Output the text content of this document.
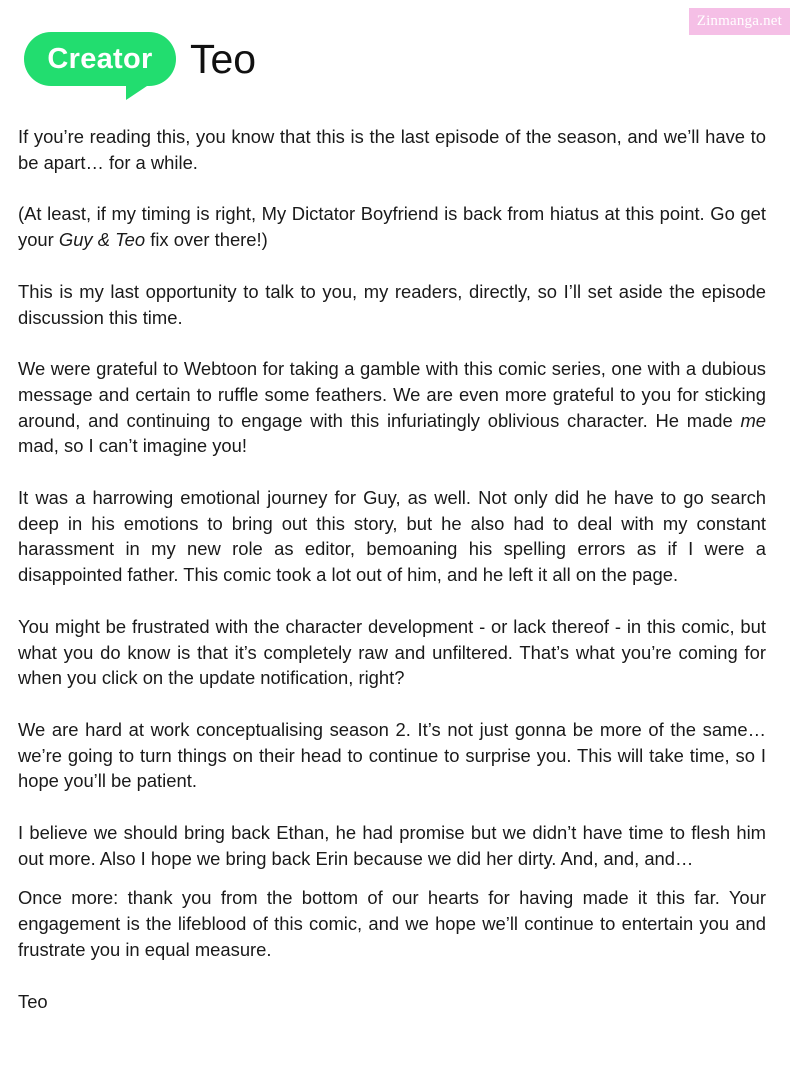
Zinmanga.net
Creator Teo

If you’re reading this, you know that this is the last episode of the season, and we’ll have to be apart… for a while.

(At least, if my timing is right, My Dictator Boyfriend is back from hiatus at this point. Go get your Guy & Teo fix over there!)

This is my last opportunity to talk to you, my readers, directly, so I’ll set aside the episode discussion this time.

We were grateful to Webtoon for taking a gamble with this comic series, one with a dubious message and certain to ruffle some feathers. We are even more grateful to you for sticking around, and continuing to engage with this infuriatingly oblivious character. He made me mad, so I can’t imagine you!

It was a harrowing emotional journey for Guy, as well. Not only did he have to go search deep in his emotions to bring out this story, but he also had to deal with my constant harassment in my new role as editor, bemoaning his spelling errors as if I were a disappointed father. This comic took a lot out of him, and he left it all on the page.

You might be frustrated with the character development - or lack thereof - in this comic, but what you do know is that it’s completely raw and unfiltered. That’s what you’re coming for when you click on the update notification, right?

We are hard at work conceptualising season 2. It’s not just gonna be more of the same… we’re going to turn things on their head to continue to surprise you. This will take time, so I hope you’ll be patient.

I believe we should bring back Ethan, he had promise but we didn’t have time to flesh him out more. Also I hope we bring back Erin because we did her dirty. And, and, and…

Once more: thank you from the bottom of our hearts for having made it this far. Your engagement is the lifeblood of this comic, and we hope we’ll continue to entertain you and frustrate you in equal measure.

Teo
